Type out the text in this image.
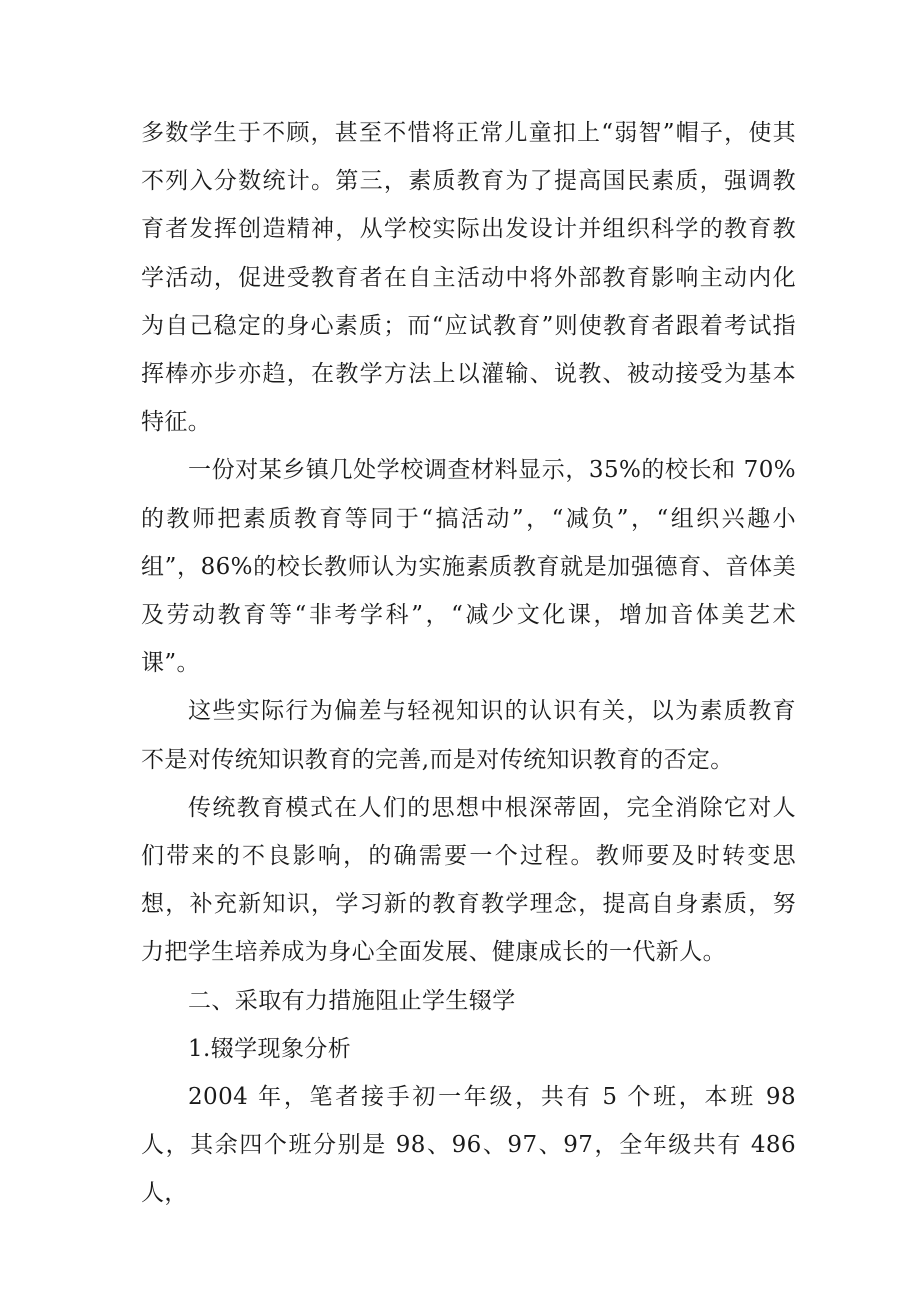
多数学生于不顾，甚至不惜将正常儿童扣上“弱智”帽子，使其不列入分数统计。第三，素质教育为了提高国民素质，强调教育者发挥创造精神，从学校实际出发设计并组织科学的教育教学活动，促进受教育者在自主活动中将外部教育影响主动内化为自己稳定的身心素质；而“应试教育”则使教育者跟着考试指挥棒亦步亦趋，在教学方法上以灌输、说教、被动接受为基本特征。

一份对某乡镇几处学校调查材料显示，35%的校长和 70%的教师把素质教育等同于“搞活动”，“减负”，“组织兴趣小组”，86%的校长教师认为实施素质教育就是加强德育、音体美及劳动教育等“非考学科”，“减少文化课，增加音体美艺术课”。

这些实际行为偏差与轻视知识的认识有关，以为素质教育不是对传统知识教育的完善,而是对传统知识教育的否定。

传统教育模式在人们的思想中根深蒂固，完全消除它对人们带来的不良影响，的确需要一个过程。教师要及时转变思想，补充新知识，学习新的教育教学理念，提高自身素质，努力把学生培养成为身心全面发展、健康成长的一代新人。

二、采取有力措施阻止学生辍学

1.辍学现象分析

2004 年，笔者接手初一年级，共有 5 个班，本班 98 人，其余四个班分别是 98、96、97、97，全年级共有 486 人，
